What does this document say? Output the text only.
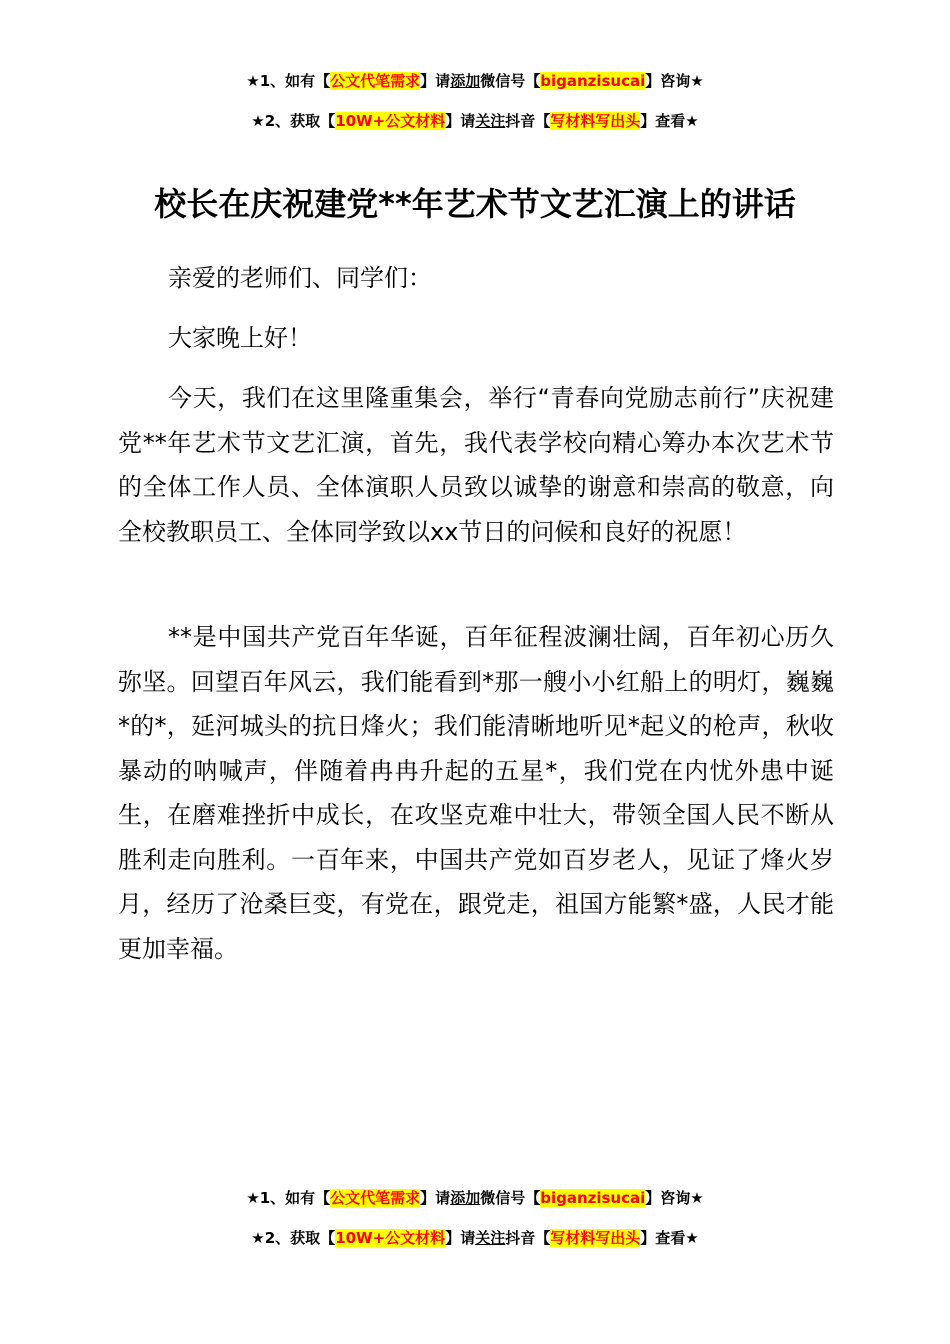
★1、如有【公文代笔需求】请添加微信号【biganzisucai】咨询★
★2、获取【10W+公文材料】请关注抖音【写材料写出头】查看★
校长在庆祝建党**年艺术节文艺汇演上的讲话

亲爱的老师们、同学们：

大家晚上好！

今天，我们在这里隆重集会，举行“青春向党励志前行”庆祝建党**年艺术节文艺汇演，首先，我代表学校向精心筹办本次艺术节的全体工作人员、全体演职人员致以诚挚的谢意和崇高的敬意，向全校教职员工、全体同学致以xx节日的问候和良好的祝愿！

**是中国共产党百年华诞，百年征程波澜壮阔，百年初心历久弥坚。回望百年风云，我们能看到*那一艘小小红船上的明灯，巍巍*的*，延河城头的抗日烽火；我们能清晰地听见*起义的枪声，秋收暴动的呐喊声，伴随着冉冉升起的五星*，我们党在内忧外患中诞生，在磨难挫折中成长，在攻坚克难中壮大，带领全国人民不断从胜利走向胜利。一百年来，中国共产党如百岁老人，见证了烽火岁月，经历了沧桑巨变，有党在，跟党走，祖国方能繁*盛，人民才能更加幸福。

★1、如有【公文代笔需求】请添加微信号【biganzisucai】咨询★
★2、获取【10W+公文材料】请关注抖音【写材料写出头】查看★
